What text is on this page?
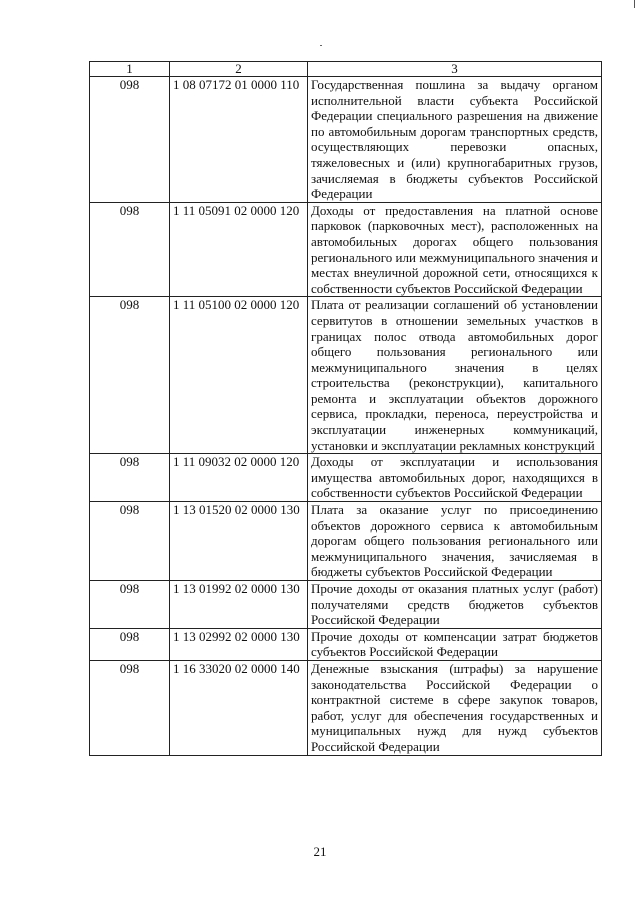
1	2	3
098	1 08 07172 01 0000 110	Государственная пошлина за выдачу органом исполнительной власти субъекта Российской Федерации специального разрешения на движение по автомобильным дорогам транспортных средств, осуществляющих перевозки опасных, тяжеловесных и (или) крупногабаритных грузов, зачисляемая в бюджеты субъектов Российской Федерации
098	1 11 05091 02 0000 120	Доходы от предоставления на платной основе парковок (парковочных мест), расположенных на автомобильных дорогах общего пользования регионального или межмуниципального значения и местах внеуличной дорожной сети, относящихся к собственности субъектов Российской Федерации
098	1 11 05100 02 0000 120	Плата от реализации соглашений об установлении сервитутов в отношении земельных участков в границах полос отвода автомобильных дорог общего пользования регионального или межмуниципального значения в целях строительства (реконструкции), капитального ремонта и эксплуатации объектов дорожного сервиса, прокладки, переноса, переустройства и эксплуатации инженерных коммуникаций, установки и эксплуатации рекламных конструкций
098	1 11 09032 02 0000 120	Доходы от эксплуатации и использования имущества автомобильных дорог, находящихся в собственности субъектов Российской Федерации
098	1 13 01520 02 0000 130	Плата за оказание услуг по присоединению объектов дорожного сервиса к автомобильным дорогам общего пользования регионального или межмуниципального значения, зачисляемая в бюджеты субъектов Российской Федерации
098	1 13 01992 02 0000 130	Прочие доходы от оказания платных услуг (работ) получателями средств бюджетов субъектов Российской Федерации
098	1 13 02992 02 0000 130	Прочие доходы от компенсации затрат бюджетов субъектов Российской Федерации
098	1 16 33020 02 0000 140	Денежные взыскания (штрафы) за нарушение законодательства Российской Федерации о контрактной системе в сфере закупок товаров, работ, услуг для обеспечения государственных и муниципальных нужд для нужд субъектов Российской Федерации
21
